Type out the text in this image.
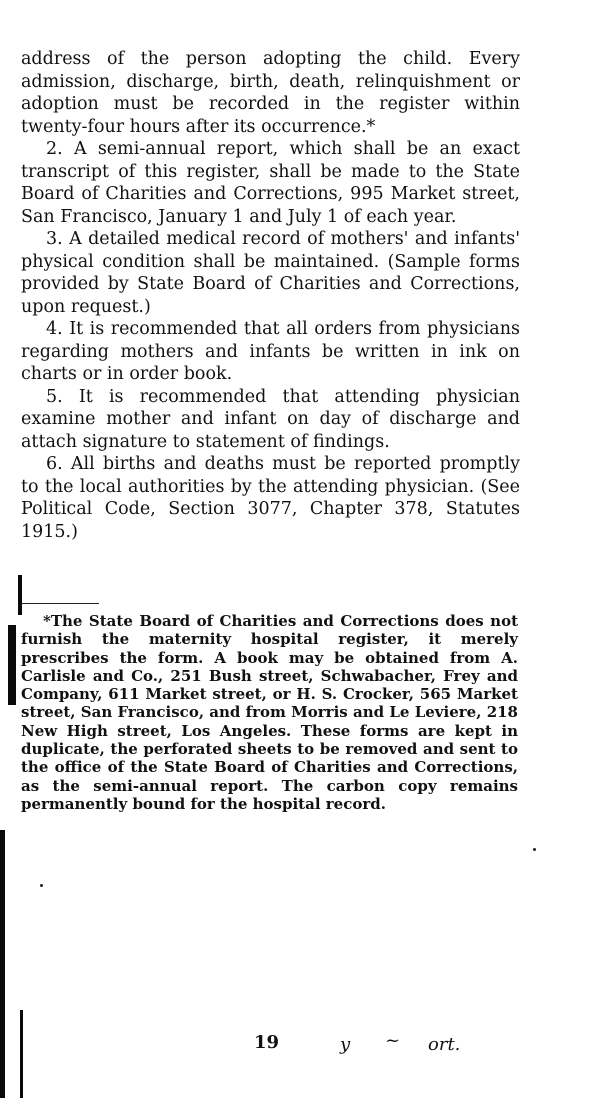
address of the person adopting the child. Every admission, discharge, birth, death, relinquishment or adoption must be recorded in the register within twenty-four hours after its occurrence.*

2. A semi-annual report, which shall be an exact transcript of this register, shall be made to the State Board of Charities and Corrections, 995 Market street, San Francisco, January 1 and July 1 of each year.

3. A detailed medical record of mothers' and infants' physical condition shall be maintained. (Sample forms provided by State Board of Charities and Corrections, upon request.)

4. It is recommended that all orders from physicians regarding mothers and infants be written in ink on charts or in order book.

5. It is recommended that attending physician examine mother and infant on day of discharge and attach signature to statement of findings.

6. All births and deaths must be reported promptly to the local authorities by the attending physician. (See Political Code, Section 3077, Chapter 378, Statutes 1915.)

*The State Board of Charities and Corrections does not furnish the maternity hospital register, it merely prescribes the form. A book may be obtained from A. Carlisle and Co., 251 Bush street, Schwabacher, Frey and Company, 611 Market street, or H. S. Crocker, 565 Market street, San Francisco, and from Morris and Le Leviere, 218 New High street, Los Angeles. These forms are kept in duplicate, the perforated sheets to be removed and sent to the office of the State Board of Charities and Corrections, as the semi-annual report. The carbon copy remains permanently bound for the hospital record.

19	y ~ ort.
